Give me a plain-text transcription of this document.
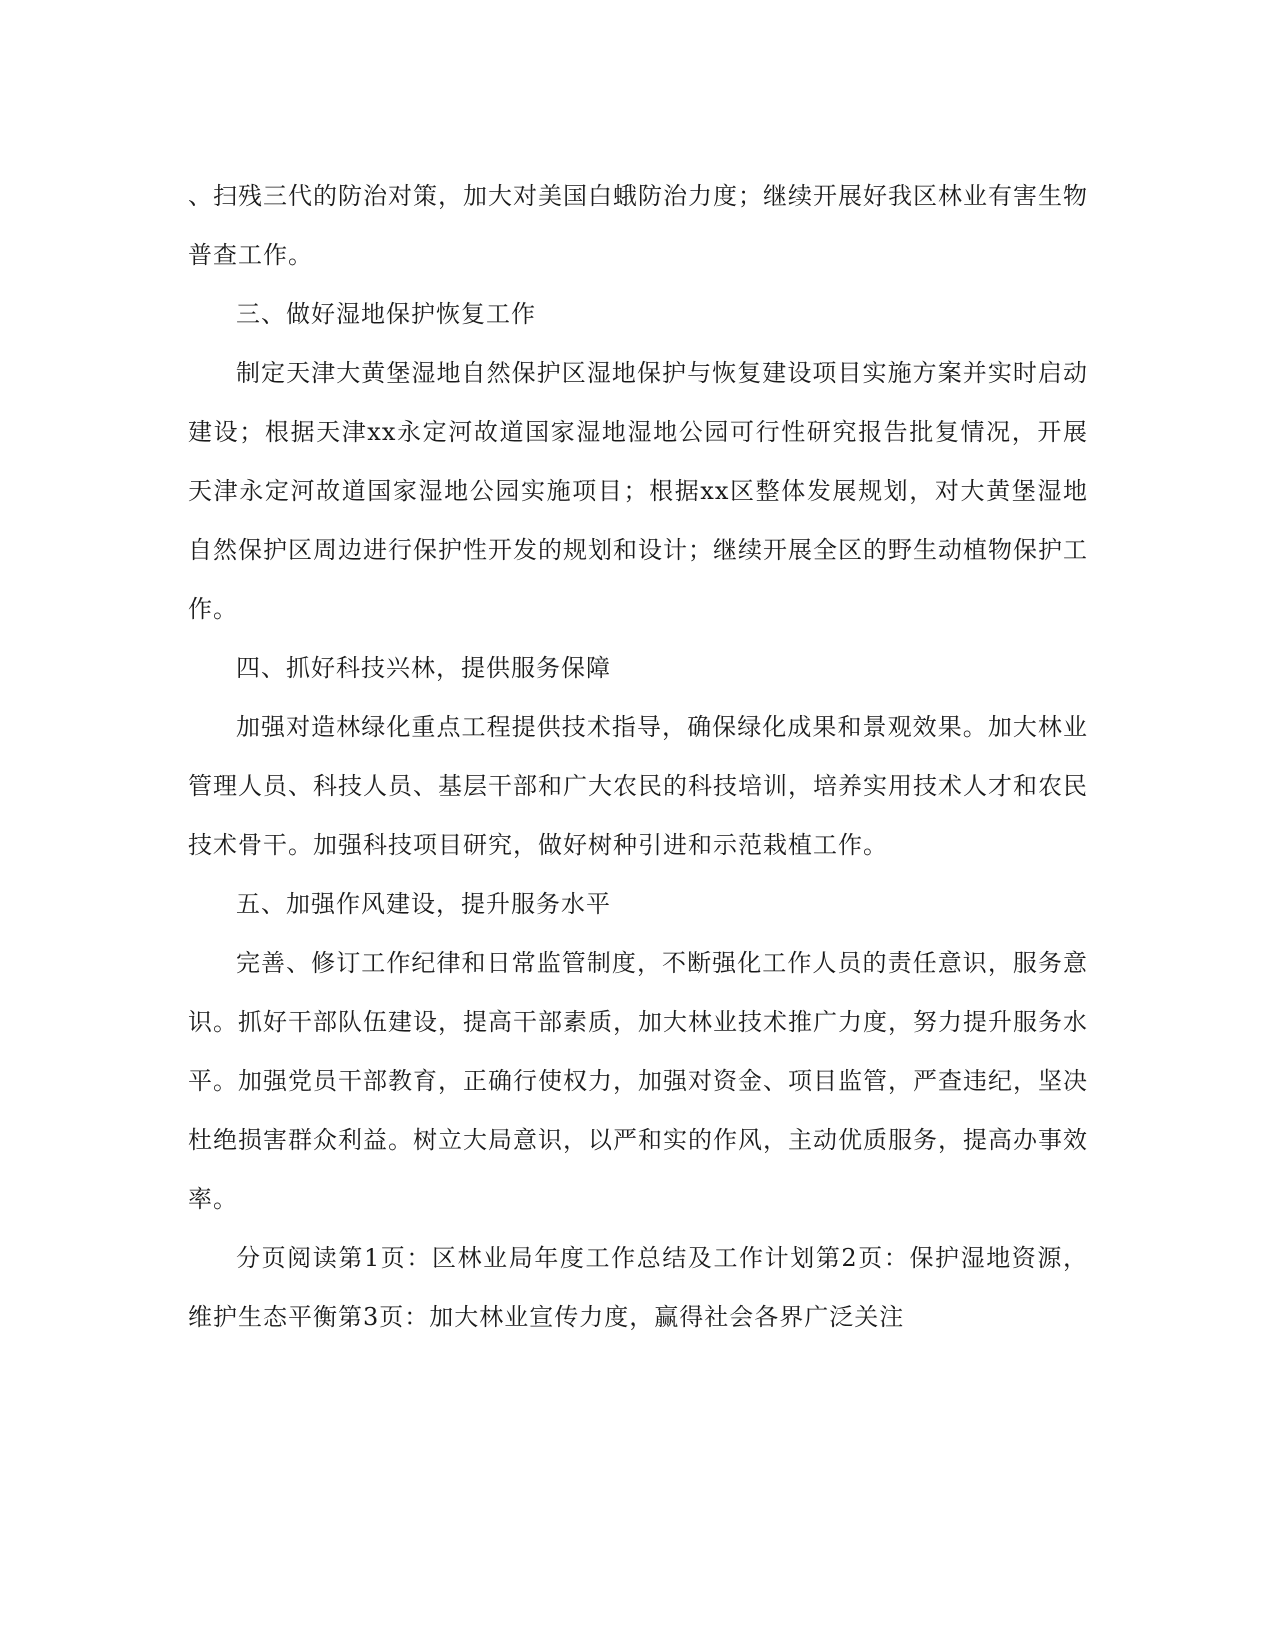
、扫残三代的防治对策，加大对美国白蛾防治力度；继续开展好我区林业有害生物普查工作。

三、做好湿地保护恢复工作

制定天津大黄堡湿地自然保护区湿地保护与恢复建设项目实施方案并实时启动建设；根据天津xx永定河故道国家湿地湿地公园可行性研究报告批复情况，开展天津永定河故道国家湿地公园实施项目；根据xx区整体发展规划，对大黄堡湿地自然保护区周边进行保护性开发的规划和设计；继续开展全区的野生动植物保护工作。

四、抓好科技兴林，提供服务保障

加强对造林绿化重点工程提供技术指导，确保绿化成果和景观效果。加大林业管理人员、科技人员、基层干部和广大农民的科技培训，培养实用技术人才和农民技术骨干。加强科技项目研究，做好树种引进和示范栽植工作。

五、加强作风建设，提升服务水平

完善、修订工作纪律和日常监管制度，不断强化工作人员的责任意识，服务意识。抓好干部队伍建设，提高干部素质，加大林业技术推广力度，努力提升服务水平。加强党员干部教育，正确行使权力，加强对资金、项目监管，严查违纪，坚决杜绝损害群众利益。树立大局意识，以严和实的作风，主动优质服务，提高办事效率。

分页阅读第1页：区林业局年度工作总结及工作计划第2页：保护湿地资源，维护生态平衡第3页：加大林业宣传力度，赢得社会各界广泛关注
